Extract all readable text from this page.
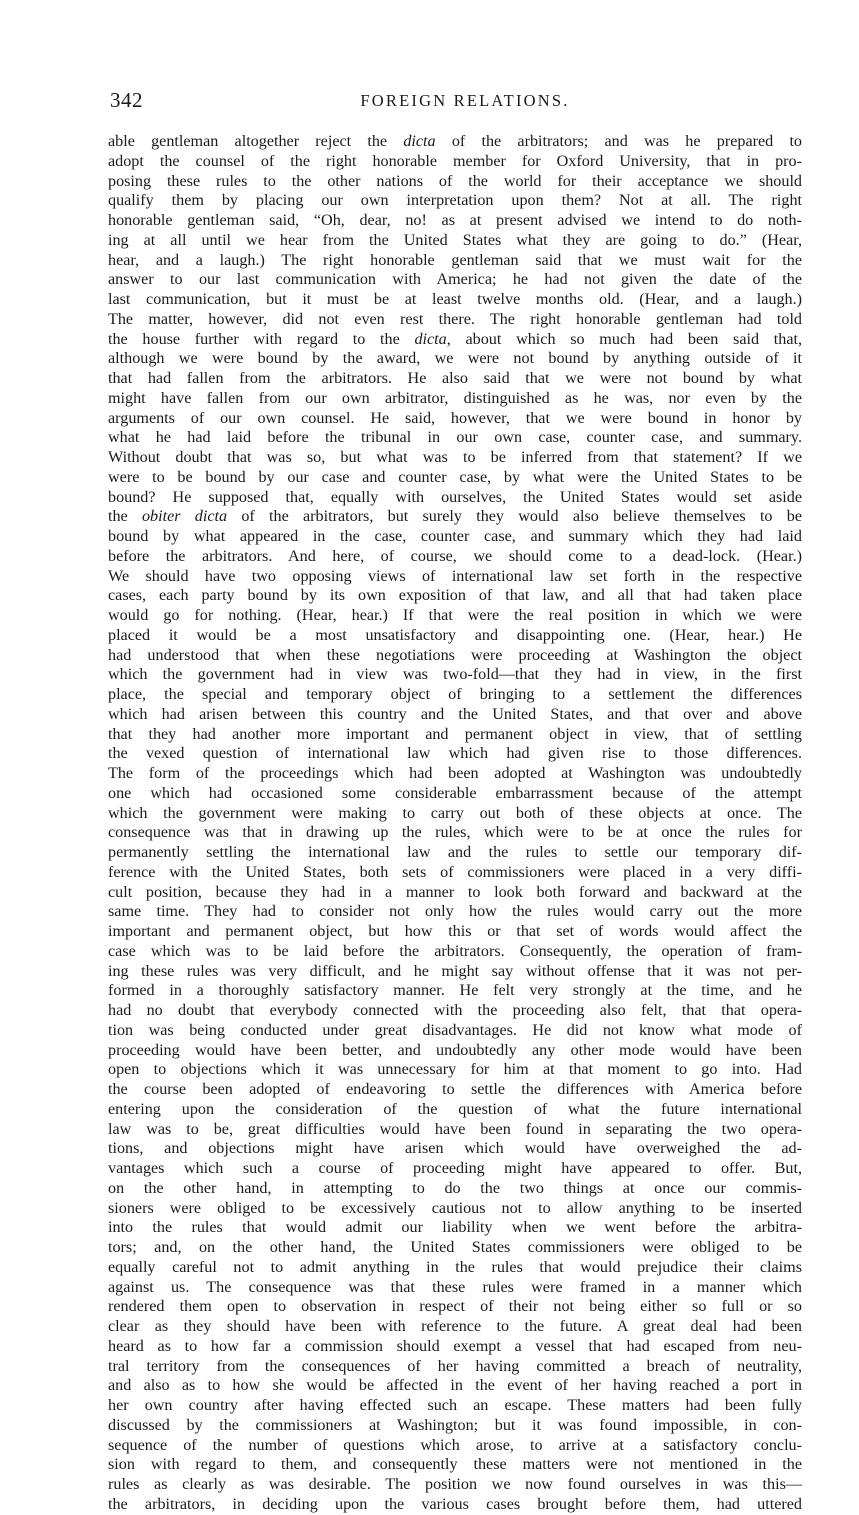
342	FOREIGN RELATIONS.
able gentleman altogether reject the dicta of the arbitrators; and was he prepared to
adopt the counsel of the right honorable member for Oxford University, that in pro-
posing these rules to the other nations of the world for their acceptance we should
qualify them by placing our own interpretation upon them? Not at all. The right
honorable gentleman said, “Oh, dear, no! as at present advised we intend to do noth-
ing at all until we hear from the United States what they are going to do.” (Hear,
hear, and a laugh.) The right honorable gentleman said that we must wait for the
answer to our last communication with America; he had not given the date of the
last communication, but it must be at least twelve months old. (Hear, and a laugh.)
The matter, however, did not even rest there. The right honorable gentleman had told
the house further with regard to the dicta, about which so much had been said that,
although we were bound by the award, we were not bound by anything outside of it
that had fallen from the arbitrators. He also said that we were not bound by what
might have fallen from our own arbitrator, distinguished as he was, nor even by the
arguments of our own counsel. He said, however, that we were bound in honor by
what he had laid before the tribunal in our own case, counter case, and summary.
Without doubt that was so, but what was to be inferred from that statement? If we
were to be bound by our case and counter case, by what were the United States to be
bound? He supposed that, equally with ourselves, the United States would set aside
the obiter dicta of the arbitrators, but surely they would also believe themselves to be
bound by what appeared in the case, counter case, and summary which they had laid
before the arbitrators. And here, of course, we should come to a dead-lock. (Hear.)
We should have two opposing views of international law set forth in the respective
cases, each party bound by its own exposition of that law, and all that had taken place
would go for nothing. (Hear, hear.) If that were the real position in which we were
placed it would be a most unsatisfactory and disappointing one. (Hear, hear.) He
had understood that when these negotiations were proceeding at Washington the object
which the government had in view was two-fold—that they had in view, in the first
place, the special and temporary object of bringing to a settlement the differences
which had arisen between this country and the United States, and that over and above
that they had another more important and permanent object in view, that of settling
the vexed question of international law which had given rise to those differences.
The form of the proceedings which had been adopted at Washington was undoubtedly
one which had occasioned some considerable embarrassment because of the attempt
which the government were making to carry out both of these objects at once. The
consequence was that in drawing up the rules, which were to be at once the rules for
permanently settling the international law and the rules to settle our temporary dif-
ference with the United States, both sets of commissioners were placed in a very diffi-
cult position, because they had in a manner to look both forward and backward at the
same time. They had to consider not only how the rules would carry out the more
important and permanent object, but how this or that set of words would affect the
case which was to be laid before the arbitrators. Consequently, the operation of fram-
ing these rules was very difficult, and he might say without offense that it was not per-
formed in a thoroughly satisfactory manner. He felt very strongly at the time, and he
had no doubt that everybody connected with the proceeding also felt, that that opera-
tion was being conducted under great disadvantages. He did not know what mode of
proceeding would have been better, and undoubtedly any other mode would have been
open to objections which it was unnecessary for him at that moment to go into. Had
the course been adopted of endeavoring to settle the differences with America before
entering upon the consideration of the question of what the future international
law was to be, great difficulties would have been found in separating the two opera-
tions, and objections might have arisen which would have overweighed the ad-
vantages which such a course of proceeding might have appeared to offer. But,
on the other hand, in attempting to do the two things at once our commis-
sioners were obliged to be excessively cautious not to allow anything to be inserted
into the rules that would admit our liability when we went before the arbitra-
tors; and, on the other hand, the United States commissioners were obliged to be
equally careful not to admit anything in the rules that would prejudice their claims
against us. The consequence was that these rules were framed in a manner which
rendered them open to observation in respect of their not being either so full or so
clear as they should have been with reference to the future. A great deal had been
heard as to how far a commission should exempt a vessel that had escaped from neu-
tral territory from the consequences of her having committed a breach of neutrality,
and also as to how she would be affected in the event of her having reached a port in
her own country after having effected such an escape. These matters had been fully
discussed by the commissioners at Washington; but it was found impossible, in con-
sequence of the number of questions which arose, to arrive at a satisfactory conclu-
sion with regard to them, and consequently these matters were not mentioned in the
rules as clearly as was desirable. The position we now found ourselves in was this—
the arbitrators, in deciding upon the various cases brought before them, had uttered
